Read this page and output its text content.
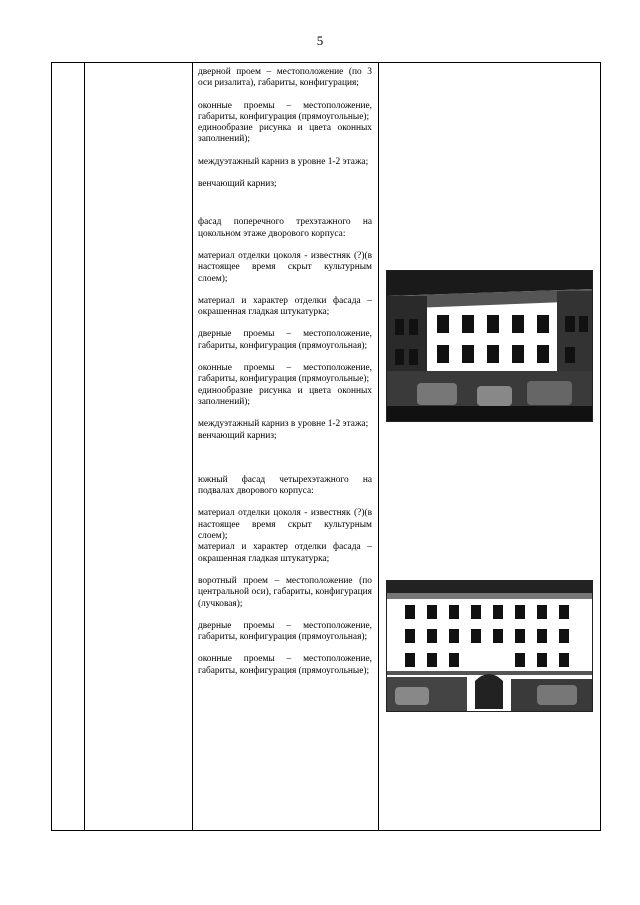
5

дверной проем – местоположение (по 3 оси ризалита), габариты, конфигурация;

оконные проемы – местоположение, габариты, конфигурация (прямоугольные);

единообразие рисунка и цвета оконных заполнений);

междуэтажный карниз в уровне 1-2 этажа;

венчающий карниз;

фасад поперечного трехэтажного на цокольном этаже дворового корпуса:

материал отделки цоколя - известняк (?)(в настоящее время скрыт культурным слоем);

материал и характер отделки фасада – окрашенная гладкая штукатурка;

дверные проемы – местоположение, габариты, конфигурация (прямоугольная);

оконные проемы – местоположение, габариты, конфигурация (прямоугольные);

единообразие рисунка и цвета оконных заполнений);

междуэтажный карниз в уровне 1-2 этажа;

венчающий карниз;

южный фасад четырехэтажного на подвалах дворового корпуса:

материал отделки цоколя - известняк (?)(в настоящее время скрыт культурным слоем);

материал и характер отделки фасада – окрашенная гладкая штукатурка;

воротный проем – местоположение (по центральной оси), габариты, конфигурация (лучковая);

дверные проемы – местоположение, габариты, конфигурация (прямоугольная);

оконные проемы – местоположение, габариты, конфигурация (прямоугольные);
